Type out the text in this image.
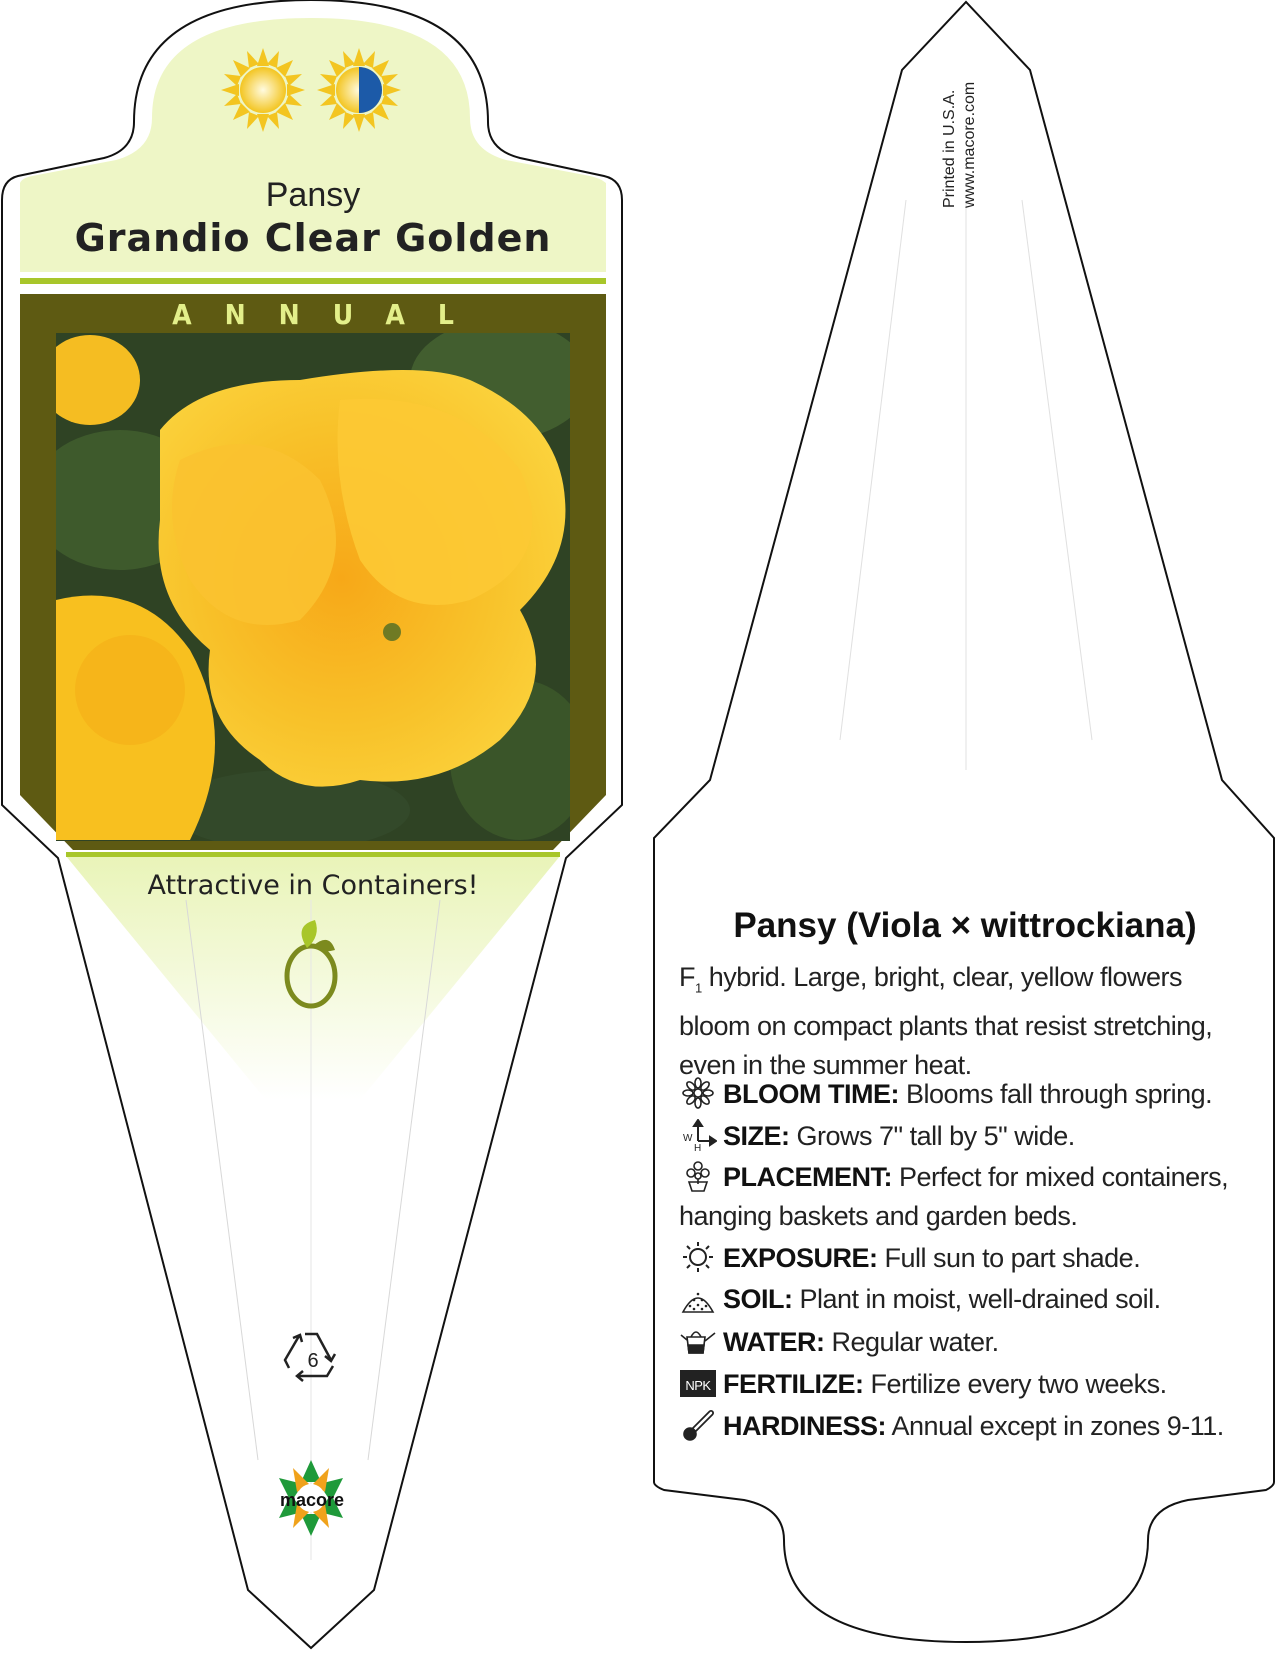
Pansy
Grandio Clear Golden
ANNUAL
Attractive in Containers!
6
macore
Printed in U.S.A. www.macore.com
Pansy (Viola × wittrockiana)
$F_1$ hybrid. Large, bright, clear, yellow flowers bloom on compact plants that resist stretching, even in the summer heat.
BLOOM TIME: Blooms fall through spring.
W
H SIZE: Grows 7" tall by 5" wide.
PLACEMENT: Perfect for mixed containers, hanging baskets and garden beds.
EXPOSURE: Full sun to part shade.
SOIL: Plant in moist, well-drained soil.
WATER: Regular water.
NPK FERTILIZE: Fertilize every two weeks.
HARDINESS: Annual except in zones 9-11.
